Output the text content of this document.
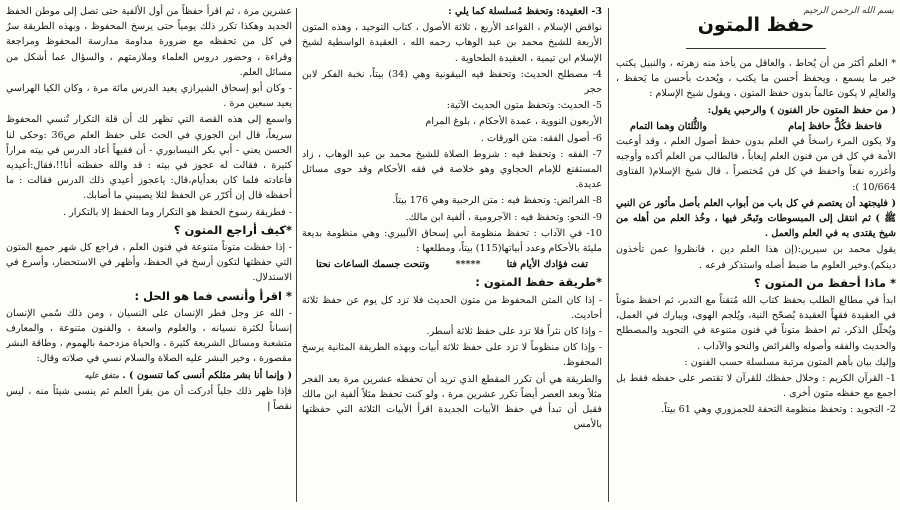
بسم الله الرحمن الرحيم
حفظ المتون

* العلم أكثر من أن يُحاط ، والعاقل من يأخذ منه زهرته ، والنبيل يكتب خير ما يسمع ، ويحفظ أحسن ما يكتب ، ويُحدث بأحسن ما يَحفظ ، والعالِم لا يكون عالماً بدون حفظ المتون ، ويقول شيخ الإسلام :

( من حفظ المتون حاز الفنون ) والرحبي يقول:

فاحفظ فكُلُّ حافظ إمام
والثُّلثان وهما التمام

ولا يكون المرء راسخاً في العلم بدون حفظ أصول العلم ، وقد أوعبت الأمة في كل فن من فنون العلم إيعاباً ، فالطالب من العلم أكده وأوجبه وأغزره نفعاً واحفظ في كل فن مُختصراً ، قال شيخ الإسلام( الفتاوى 10/664 ):

( فليجتهد أن يعتصم في كل باب من أبواب العلم بأصل مأثور عن النبي ﷺ ) ثم انتقل إلى المبسوطات وتَبحّر فيها ، وخُذ العلم من أهله من شيخ يقتدى به في العلم والعمل .

يقول محمد بن سيرين:(إن هذا العلم دين ، فانظروا عمن تأخذون دينكم).وخير العلوم ما ضبط أصله واستذكر فرعه .

* ماذا أحفظ من المتون ؟

ابدأ في مطالع الطلب بحفظ كتاب الله مُتقناً مع التدبر، ثم احفظ متوناً في العقيدة فقهاً العقيدة يُصحّح النية، ويُلجم الهوى، ويبارك في العمل، ويُحلّل الذكر، ثم احفظ متوناً في فنون متنوعة في التجويد والمصطلح والحديث والفقه وأصوله والفرائض والنحو والآداب .

وإليك بيان بأهم المتون مرتبة مسلسلة حسب الفنون :

1- القرآن الكريم : وخلال حفظك للقرآن لا تقتصر على حفظه فقط بل اجمع مع حفظه متون أخرى .

2- التجويد : وتحفظ منظومة التحفة للجمزوري وهي 61 بيتاً.

3- العقيدة: وتحفظ مُسلسلة كما يلي :

نواقض الإسلام ، القواعد الأربع ، ثلاثة الأصول ، كتاب التوحيد ، وهذه المتون الأربعة للشيخ محمد بن عبد الوهاب رحمه الله ، العقيدة الواسطية لشيخ الإسلام ابن تيمية ، العقيدة الطحاوية .

4- مصطلح الحديث: وتحفظ فيه البيقونية وهي (34) بيتاً، نخبة الفكر لابن حجر

5- الحديث: وتحفظ متون الحديث الآتية:

الأربعون النووية ، عمدة الأحكام ، بلوغ المرام

6- أصول الفقه: متن الورقات .

7- الفقه : وتحفظ فيه : شروط الصلاة للشيخ محمد بن عبد الوهاب ، زاد المستقنع للإمام الحجاوي وهو خلاصة في فقه الأحكام وقد حوى مسائل عديدة.

8- الفرائض: وتحفظ فيه : متن الرحبية وهي 176 بيتاً.

9- النحو: وتحفظ فيه : الآجرومية ، ألفية ابن مالك.

10- في الآداب : تحفظ منظومة أبي إسحاق الألبيري: وهي منظومة بديعة مليئة بالأحكام وعدد أبياتها(115) بيتاً، ومطلعها :

تفت فؤادك الأيام فتا
*****
وتنحت جسمك الساعات نحتا
*طريقة حفظ المتون :

- إذا كان المتن المحفوظ من متون الحديث فلا تزد كل يوم عن حفظ ثلاثة أحاديث.

- وإذا كان نثراً فلا تزد على حفظ ثلاثة أسطر.

- وإذا كان منظوماً لا تزد على حفظ ثلاثة أبيات وبهذه الطريقة المثانية يرسخ المحفوظ.

والطريقة هي أن تكرر المقطع الذي تريد أن تحفظه عشرين مرة بعد الفجر مثلاً وبعد العصر أيضاً تكرر عشرين مرة ، ولو كنت تحفظ مثلاً ألفية ابن مالك فقبل أن تبدأ في حفظ الأبيات الجديدة اقرأ الأبيات الثلاثة التي حفظتها بالأمس

عشرين مرة ، ثم اقرأ حفظاً من أول الألفية حتى تصل إلى موطن الحفظ الجديد وهكذا تكرر ذلك يومياً حتى يرسخ المحفوظ ، وبهذه الطريقة سرٌ في كل من تحفظه مع ضرورة مداومة مدارسة المحفوظ ومراجعة وقراءة ، وحضور دروس العلماء وملازمتهم ، والسؤال عما أشكل من مسائل العلم.

- وكان أبو إسحاق الشيرازي يعيد الدرس مائة مرة ، وكان الكيا الهراسي يعيد سبعين مرة .

واسمع إلى هذه القصة التي تظهر لك أن قلة التكرار تُنسي المحفوظ سريعاً، قال ابن الجوزي في الحث على حفظ العلم ص36 :وحكى لنا الحسن يعني - أبي بكر النيسابوري - أن فقيهاً أعاد الدرس في بيته مراراً كثيرة ، فقالت له عجوز في بيته : قد والله حفظته أنا!!،فقال:أعيديه فأعادته فلما كان بعدأيام،قال: ياعجوز أعيدي ذلك الدرس فقالت : ما أحفظه قال إن أكرّر عن الحفظ لئلا يصيبني ما أصابك.

- فطريقة رسوخ الحفظ هو التكرار وما الحفظ إلا بالتكرار .

*كيف أراجع المتون ؟

- إذا حفظت متوناً متنوعة في فنون العلم ، فراجع كل شهر جميع المتون التي حفظتها لتكون أرسخ في الحفظ، وأظهر في الاستحضار، وأسرع في الاستدلال.

* اقرأ وأنسى فما هو الحل :

- الله عز وجل فطر الإنسان على النسيان ، ومن ذلك سُمي الإنسان إنساناً لكثرة نسيانه ، والعلوم واسعة ، والفنون متنوعة ، والمعارف متشعبة ومسائل الشريعة كثيرة ، والحياة مزدحمة بالهموم ، وطاقة البشر مقصورة ، وخير البشر عليه الصلاة والسلام نسي في صلاته وقال:

( وإنما أنا بشر مثلكم أنسى كما تنسون ) . متفق عليه

فإذا ظهر ذلك جلياً أدركت أن من يقرأ العلم ثم ينسى شيئاً منه ، ليس نقصاً إ
